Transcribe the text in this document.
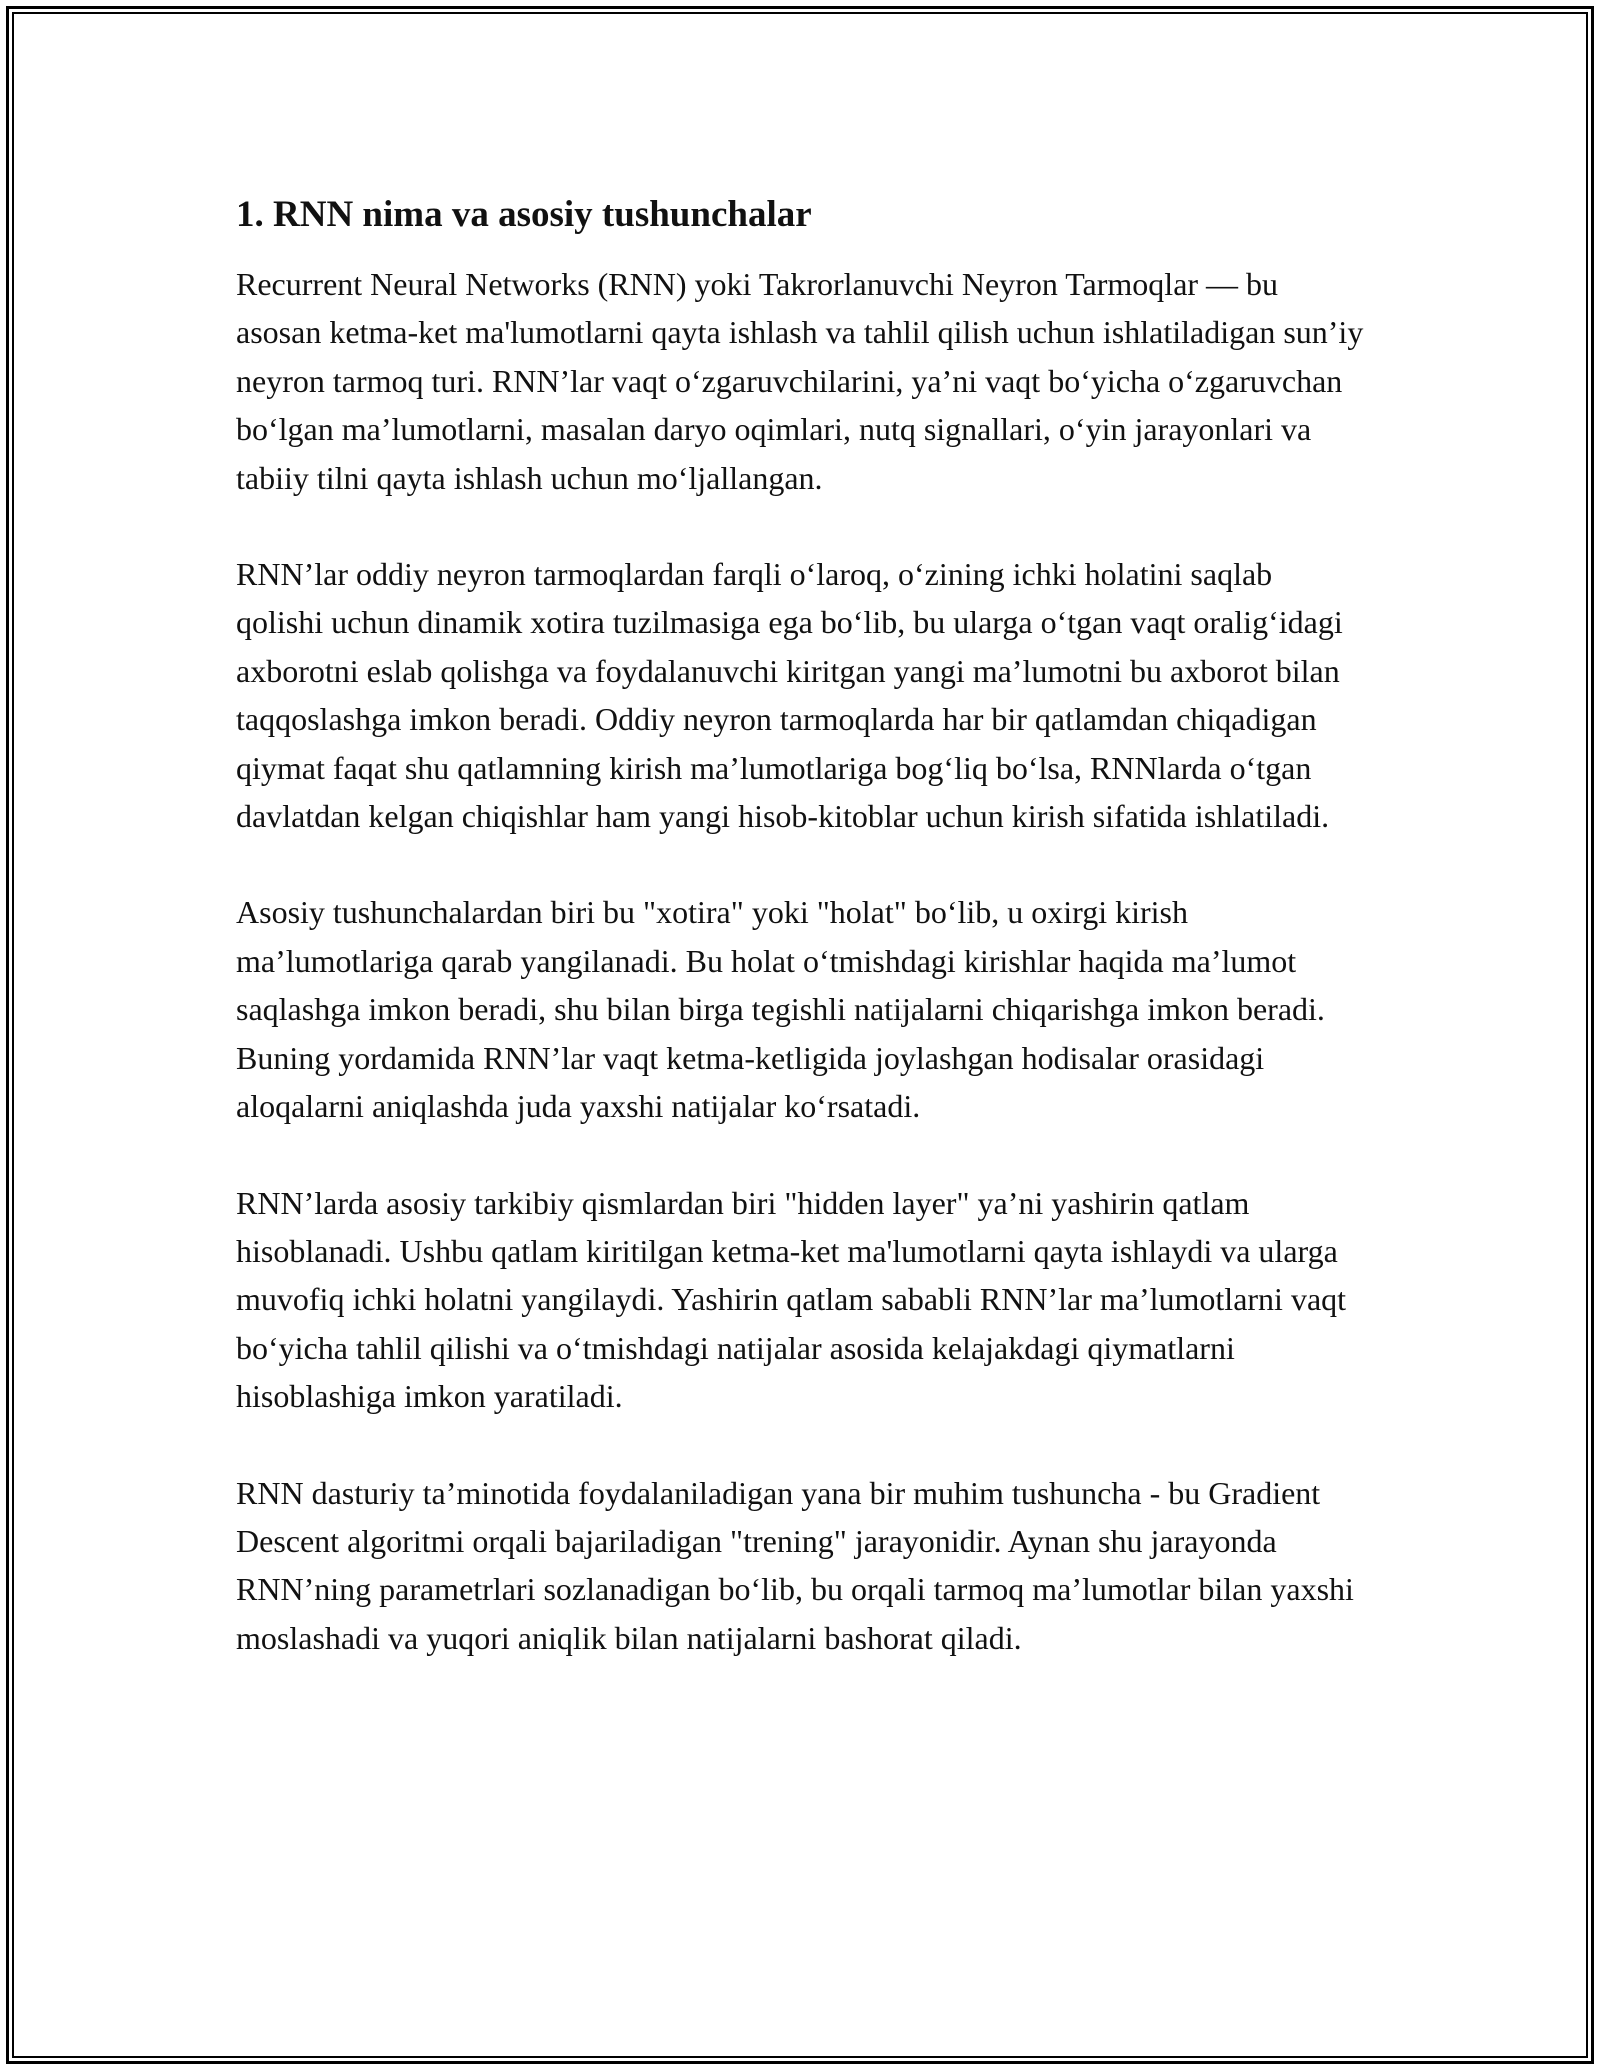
1. RNN nima va asosiy tushunchalar

Recurrent Neural Networks (RNN) yoki Takrorlanuvchi Neyron Tarmoqlar — bu asosan ketma-ket ma'lumotlarni qayta ishlash va tahlil qilish uchun ishlatiladigan sun’iy neyron tarmoq turi. RNN’lar vaqt oʻzgaruvchilarini, ya’ni vaqt boʻyicha oʻzgaruvchan boʻlgan ma’lumotlarni, masalan daryo oqimlari, nutq signallari, oʻyin jarayonlari va tabiiy tilni qayta ishlash uchun moʻljallangan.

RNN’lar oddiy neyron tarmoqlardan farqli oʻlaroq, oʻzining ichki holatini saqlab qolishi uchun dinamik xotira tuzilmasiga ega boʻlib, bu ularga oʻtgan vaqt oraligʻidagi axborotni eslab qolishga va foydalanuvchi kiritgan yangi ma’lumotni bu axborot bilan taqqoslashga imkon beradi. Oddiy neyron tarmoqlarda har bir qatlamdan chiqadigan qiymat faqat shu qatlamning kirish ma’lumotlariga bogʻliq boʻlsa, RNNlarda oʻtgan davlatdan kelgan chiqishlar ham yangi hisob-kitoblar uchun kirish sifatida ishlatiladi.

Asosiy tushunchalardan biri bu "xotira" yoki "holat" boʻlib, u oxirgi kirish ma’lumotlariga qarab yangilanadi. Bu holat oʻtmishdagi kirishlar haqida ma’lumot saqlashga imkon beradi, shu bilan birga tegishli natijalarni chiqarishga imkon beradi. Buning yordamida RNN’lar vaqt ketma-ketligida joylashgan hodisalar orasidagi aloqalarni aniqlashda juda yaxshi natijalar koʻrsatadi.

RNN’larda asosiy tarkibiy qismlardan biri "hidden layer" ya’ni yashirin qatlam hisoblanadi. Ushbu qatlam kiritilgan ketma-ket ma'lumotlarni qayta ishlaydi va ularga muvofiq ichki holatni yangilaydi. Yashirin qatlam sababli RNN’lar ma’lumotlarni vaqt boʻyicha tahlil qilishi va oʻtmishdagi natijalar asosida kelajakdagi qiymatlarni hisoblashiga imkon yaratiladi.

RNN dasturiy ta’minotida foydalaniladigan yana bir muhim tushuncha - bu Gradient Descent algoritmi orqali bajariladigan "trening" jarayonidir. Aynan shu jarayonda RNN’ning parametrlari sozlanadigan boʻlib, bu orqali tarmoq ma’lumotlar bilan yaxshi moslashadi va yuqori aniqlik bilan natijalarni bashorat qiladi.
